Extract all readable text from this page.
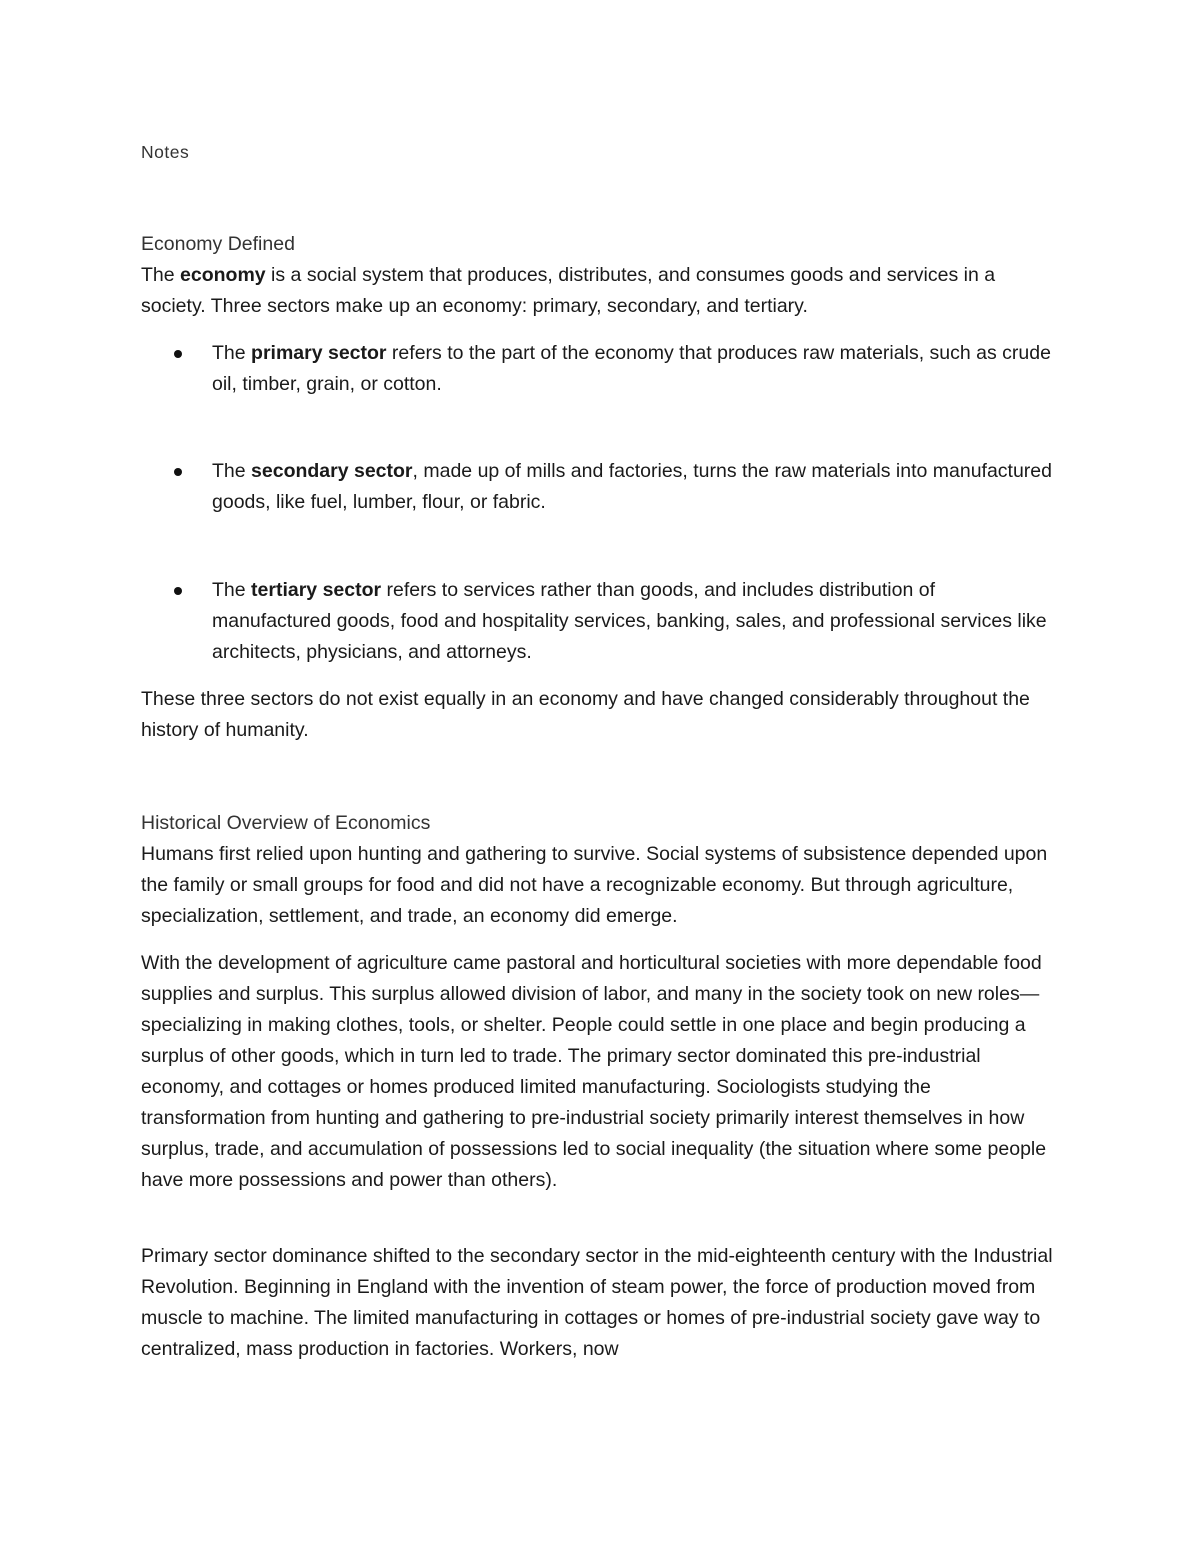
Notes
Economy Defined

The economy is a social system that produces, distributes, and consumes goods and services in a society. Three sectors make up an economy: primary, secondary, and tertiary.

The primary sector refers to the part of the economy that produces raw materials, such as crude oil, timber, grain, or cotton.

The secondary sector, made up of mills and factories, turns the raw materials into manufactured goods, like fuel, lumber, flour, or fabric.

The tertiary sector refers to services rather than goods, and includes distribution of manufactured goods, food and hospitality services, banking, sales, and professional services like architects, physicians, and attorneys.

These three sectors do not exist equally in an economy and have changed considerably throughout the history of humanity.

Historical Overview of Economics

Humans first relied upon hunting and gathering to survive. Social systems of subsistence depended upon the family or small groups for food and did not have a recognizable economy. But through agriculture, specialization, settlement, and trade, an economy did emerge.

With the development of agriculture came pastoral and horticultural societies with more dependable food supplies and surplus. This surplus allowed division of labor, and many in the society took on new roles—specializing in making clothes, tools, or shelter. People could settle in one place and begin producing a surplus of other goods, which in turn led to trade. The primary sector dominated this pre-industrial economy, and cottages or homes produced limited manufacturing. Sociologists studying the transformation from hunting and gathering to pre-industrial society primarily interest themselves in how surplus, trade, and accumulation of possessions led to social inequality (the situation where some people have more possessions and power than others).

Primary sector dominance shifted to the secondary sector in the mid-eighteenth century with the Industrial Revolution. Beginning in England with the invention of steam power, the force of production moved from muscle to machine. The limited manufacturing in cottages or homes of pre-industrial society gave way to centralized, mass production in factories. Workers, now
